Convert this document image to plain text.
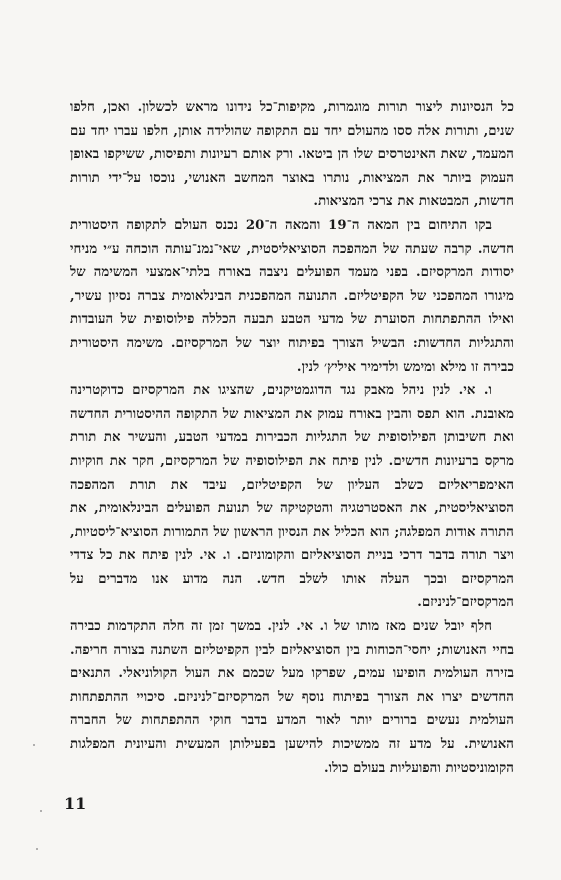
כל הנסיונות ליצור תורות מוגמרות, מקיפות־כל נידונו מראש לכשלון. ואכן, חלפו שנים, ותורות אלה ססו מהעולם יחד עם התקופה שהולידה אותן, חלפו עברו יחד עם המעמד, שאת האינטרסים שלו הן ביטאו. ורק אותם רעיונות ותפיסות, ששיקפו באופן העמוק ביותר את המציאות, נותרו באוצר המחשב האנושי, נוכסו על־ידי תורות חדשות, המבטאות את צרכי המציאות.

בקו התיחום בין המאה ה־19 והמאה ה־20 נכנס העולם לתקופה היסטורית חדשה. קרבה שעתה של המהפכה הסוציאליסטית, שאי־נמנ־עותה הוכחה ע״י מניחי יסודות המרקסיזם. בפני מעמד הפועלים ניצבה באורח בלתי־אמצעי המשימה של מיגורו המהפכני של הקפיטליזם. התנועה המהפכנית הבינלאומית צברה נסיון עשיר, ואילו ההתפתחות הסוערת של מדעי הטבע תבעה הכללה פילוסופית של העובדות והתגליות החדשות: הבשיל הצורך בפיתוח יוצר של המרקסיזם. משימה היסטורית כבירה זו מילא ומימש ולדימיר איליץ׳ לנין.

ו. אי. לנין ניהל מאבק נגד הדוגמטיקנים, שהציגו את המרקסיזם כדוקטרינה מאובנת. הוא תפס והבין באורח עמוק את המציאות של התקופה ההיסטורית החדשה ואת חשיבותן הפילוסופית של התגליות הכבירות במדעי הטבע, והעשיר את תורת מרקס ברעיונות חדשים. לנין פיתח את הפילוסופיה של המרקסיזם, חקר את חוקיות האימפריאליזם כשלב העליון של הקפיטליזם, עיבד את תורת המהפכה הסוציאליסטית, את האסטרטגיה והטקטיקה של תנועת הפועלים הבינלאומית, את התורה אודות המפלגה; הוא הכליל את הנסיון הראשון של התמורות הסוציא־ליסטיות, ויצר תורה בדבר דרכי בניית הסוציאליזם והקומוניזם. ו. אי. לנין פיתח את כל צדדי המרקסיזם ובכך העלה אותו לשלב חדש. הנה מדוע אנו מדברים על המרקסיזם־לניניזם.

חלף יובל שנים מאז מותו של ו. אי. לנין. במשך זמן זה חלה התקדמות כבירה בחיי האנושות; יחסי־הכוחות בין הסוציאליזם לבין הקפיטליזם השתנה בצורה חריפה. בזירה העולמית הופיעו עמים, שפרקו מעל שכמם את העול הקולוניאלי. התנאים החדשים יצרו את הצורך בפיתוח נוסף של המרקסיזם־לניניזם. סיכויי ההתפתחות העולמית נעשים ברורים יותר לאור המדע בדבר חוקי ההתפתחות של החברה האנושית. על מדע זה ממשיכות להישען בפעילותן המעשית והעיונית המפלגות הקומוניסטיות והפועליות בעולם כולו.

11
